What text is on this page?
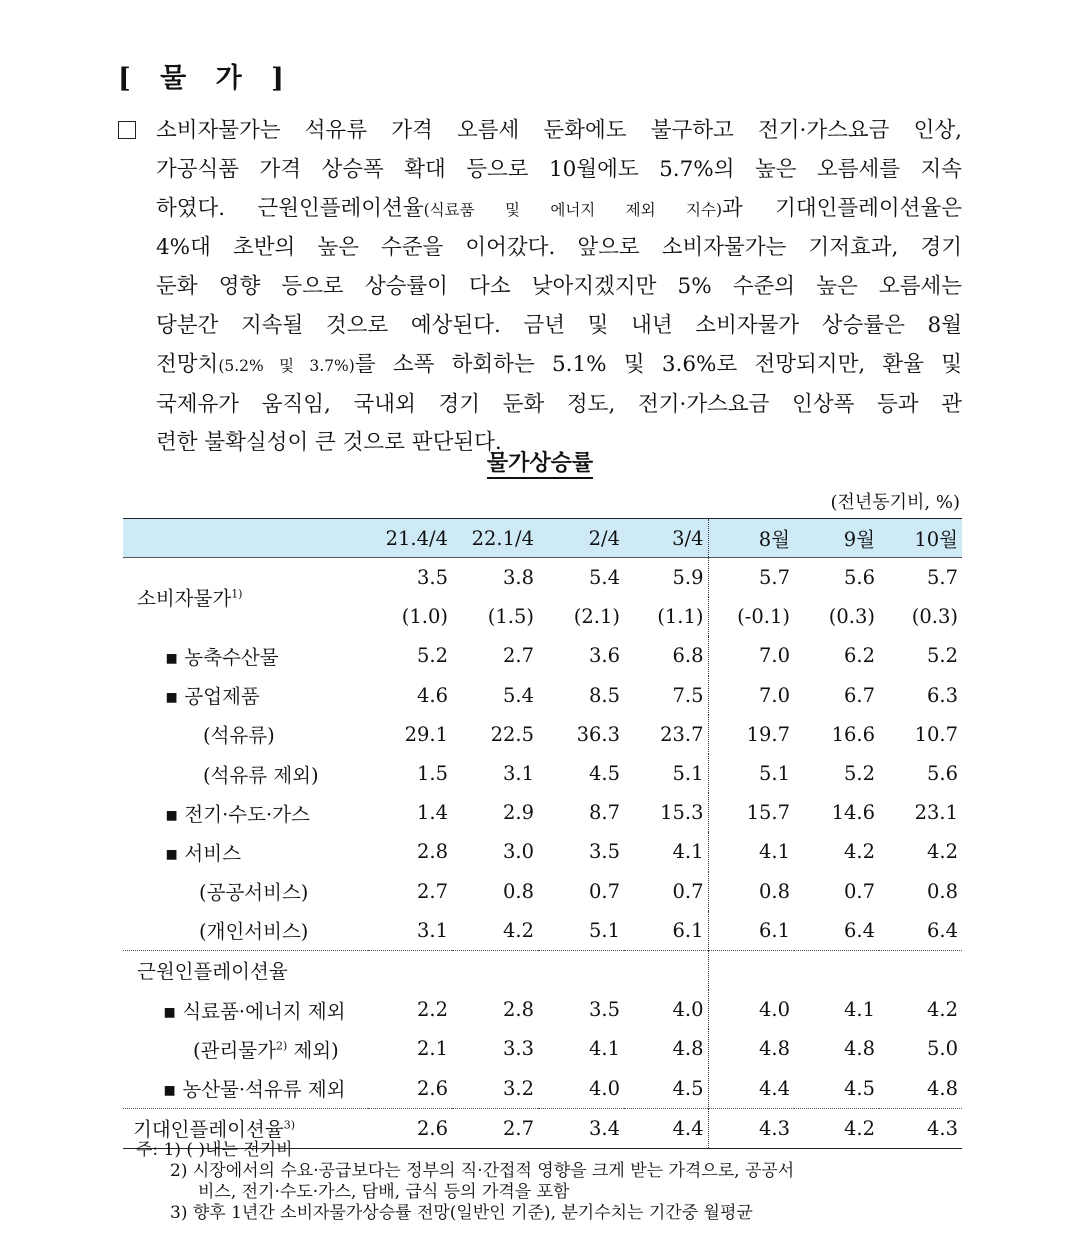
[ 물 가 ]
소비자물가는 석유류 가격 오름세 둔화에도 불구하고 전기·가스요금 인상,
가공식품 가격 상승폭 확대 등으로 10월에도 5.7%의 높은 오름세를 지속
하였다. 근원인플레이션율(식료품 및 에너지 제외 지수)과 기대인플레이션율은
4%대 초반의 높은 수준을 이어갔다. 앞으로 소비자물가는 기저효과, 경기
둔화 영향 등으로 상승률이 다소 낮아지겠지만 5% 수준의 높은 오름세는
당분간 지속될 것으로 예상된다. 금년 및 내년 소비자물가 상승률은 8월
전망치(5.2% 및 3.7%)를 소폭 하회하는 5.1% 및 3.6%로 전망되지만, 환율 및
국제유가 움직임, 국내외 경기 둔화 정도, 전기·가스요금 인상폭 등과 관
련한 불확실성이 큰 것으로 판단된다.
물가상승률
(전년동기비, %)
	21.4/4	22.1/4	2/4	3/4	8월	9월	10월
소비자물가$^{1)}$	3.5	3.8	5.4	5.9	5.7	5.6	5.7
	(1.0)	(1.5)	(2.1)	(1.1)	(-0.1)	(0.3)	(0.3)
▪ 농축수산물	5.2	2.7	3.6	6.8	7.0	6.2	5.2
▪ 공업제품	4.6	5.4	8.5	7.5	7.0	6.7	6.3
(석유류)	29.1	22.5	36.3	23.7	19.7	16.6	10.7
(석유류 제외)	1.5	3.1	4.5	5.1	5.1	5.2	5.6
▪ 전기·수도·가스	1.4	2.9	8.7	15.3	15.7	14.6	23.1
▪ 서비스	2.8	3.0	3.5	4.1	4.1	4.2	4.2
(공공서비스)	2.7	0.8	0.7	0.7	0.8	0.7	0.8
(개인서비스)	3.1	4.2	5.1	6.1	6.1	6.4	6.4
근원인플레이션율							
▪ 식료품·에너지 제외	2.2	2.8	3.5	4.0	4.0	4.1	4.2
(관리물가$^{2)}$ 제외)	2.1	3.3	4.1	4.8	4.8	4.8	5.0
▪ 농산물·석유류 제외	2.6	3.2	4.0	4.5	4.4	4.5	4.8
기대인플레이션율$^{3)}$	2.6	2.7	3.4	4.4	4.3	4.2	4.3
주: 1) ( )내는 전기비
2) 시장에서의 수요·공급보다는 정부의 직·간접적 영향을 크게 받는 가격으로, 공공서
비스, 전기·수도·가스, 담배, 급식 등의 가격을 포함
3) 향후 1년간 소비자물가상승률 전망(일반인 기준), 분기수치는 기간중 월평균
